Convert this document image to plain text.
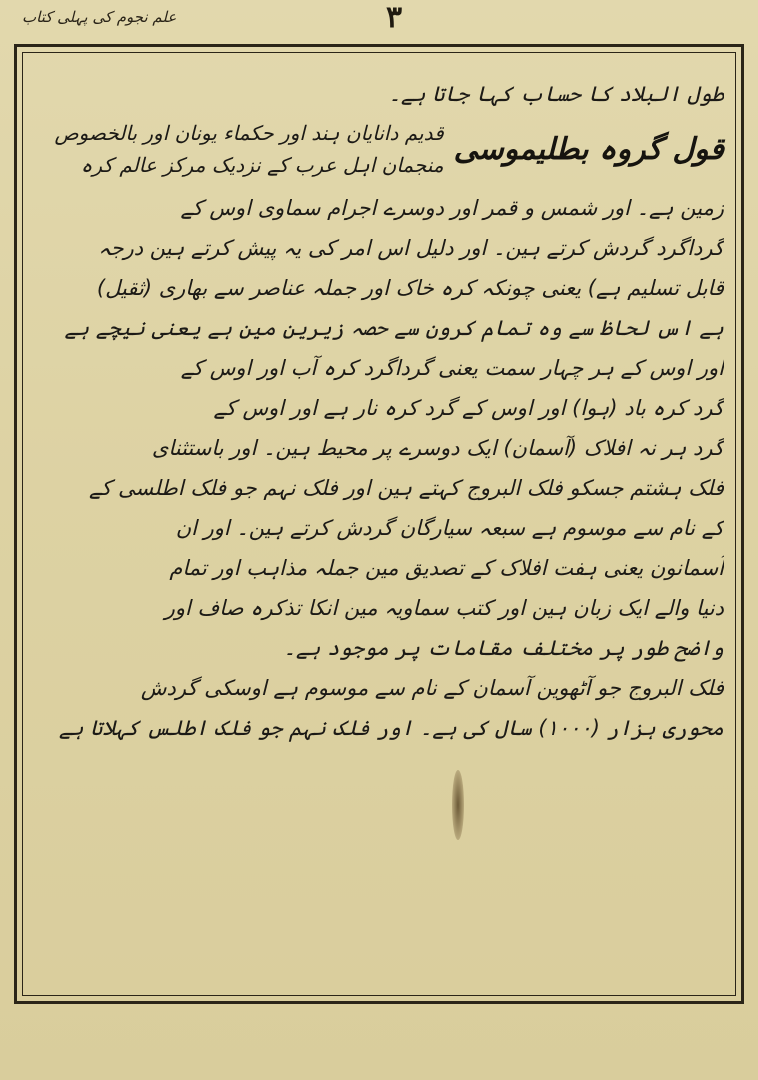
علم نجوم کی پہلی کتاب	۳
طول البلاد کا حساب کہا جاتا ہے۔
قول گروہ بطلیموسی
قدیم دانایان ہند اور حکماء یونان اور بالخصوص
منجمان اہل عرب کے نزدیک مرکز عالم کرہ
زمین ہے۔ اور شمس و قمر اور دوسرے اجرام سماوی اوس کے
گرداگرد گردش کرتے ہین۔ اور دلیل اس امر کی یہ پیش کرتے ہین درجہ
قابل تسلیم ہے) یعنی چونکہ کرہ خاک اور جملہ عناصر سے بھاری (ثقیل)
ہے اس لحاظ سے وہ تمام کرون سے حصہ زیرین مین ہے یعنی نیچے ہے
اور اوس کے ہر چہار سمت یعنی گرداگرد کرہ آب اور اوس کے
گرد کرہ باد (ہوا) اور اوس کے گرد کرہ نار ہے اور اوس کے
گرد ہر نہ افلاک (آسمان) ایک دوسرے پر محیط ہین۔ اور باستثنای
فلک ہشتم جسکو فلک البروج کہتے ہین اور فلک نہم جو فلک اطلسی کے
کے نام سے موسوم ہے سبعہ سیارگان گردش کرتے ہین۔ اور ان
آسمانون یعنی ہفت افلاک کے تصدیق مین جملہ مذاہب اور تمام
دنیا والے ایک زبان ہین اور کتب سماویہ مین انکا تذکرہ صاف اور
واضح طور پر مختلف مقامات پر موجود ہے۔
فلک البروج جو آٹھوین آسمان کے نام سے موسوم ہے اوسکی گردش
محوری ہزار (۱۰۰۰) سال کی ہے۔ اور فلک نہم جو فلک اطلس کہلاتا ہے
